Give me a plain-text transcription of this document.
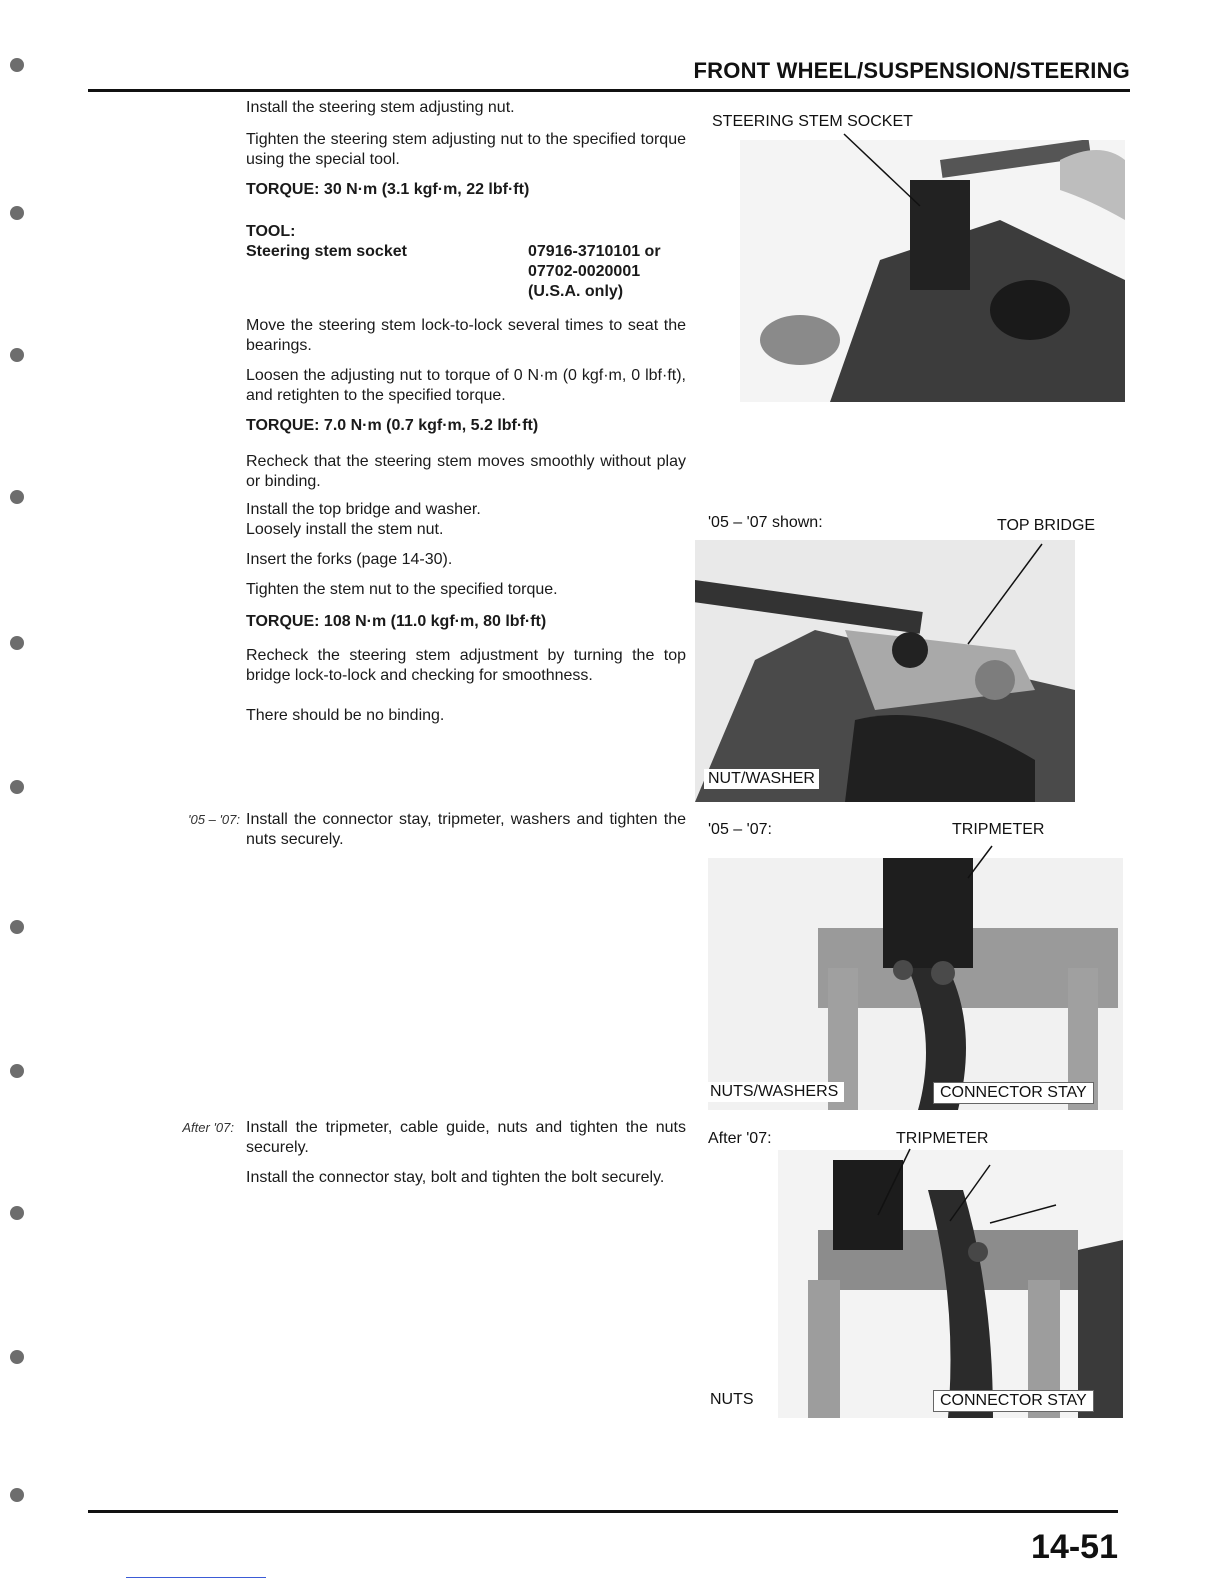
FRONT WHEEL/SUSPENSION/STEERING

Install the steering stem adjusting nut.

Tighten the steering stem adjusting nut to the specified torque using the special tool.

TORQUE: 30 N·m (3.1 kgf·m, 22 lbf·ft)

TOOL:
Steering stem socket	07916-3710101 or
07702-0020001
(U.S.A. only)

Move the steering stem lock-to-lock several times to seat the bearings.

Loosen the adjusting nut to torque of 0 N·m (0 kgf·m, 0 lbf·ft), and retighten to the specified torque.

TORQUE: 7.0 N·m (0.7 kgf·m, 5.2 lbf·ft)

Recheck that the steering stem moves smoothly without play or binding.

Install the top bridge and washer.

Loosely install the stem nut.

Insert the forks (page 14-30).

Tighten the stem nut to the specified torque.

TORQUE: 108 N·m (11.0 kgf·m, 80 lbf·ft)

Recheck the steering stem adjustment by turning the top bridge lock-to-lock and checking for smoothness.

There should be no binding.

'05 – '07: Install the connector stay, tripmeter, washers and tighten the nuts securely.

After '07: Install the tripmeter, cable guide, nuts and tighten the nuts securely.

Install the connector stay, bolt and tighten the bolt securely.

STEERING STEM SOCKET
'05 – '07 shown:	TOP BRIDGE
NUT/WASHER
'05 – '07:	TRIPMETER
NUTS/WASHERS	CONNECTOR STAY
After '07:	TRIPMETER
NUTS	CONNECTOR STAY
14-51
